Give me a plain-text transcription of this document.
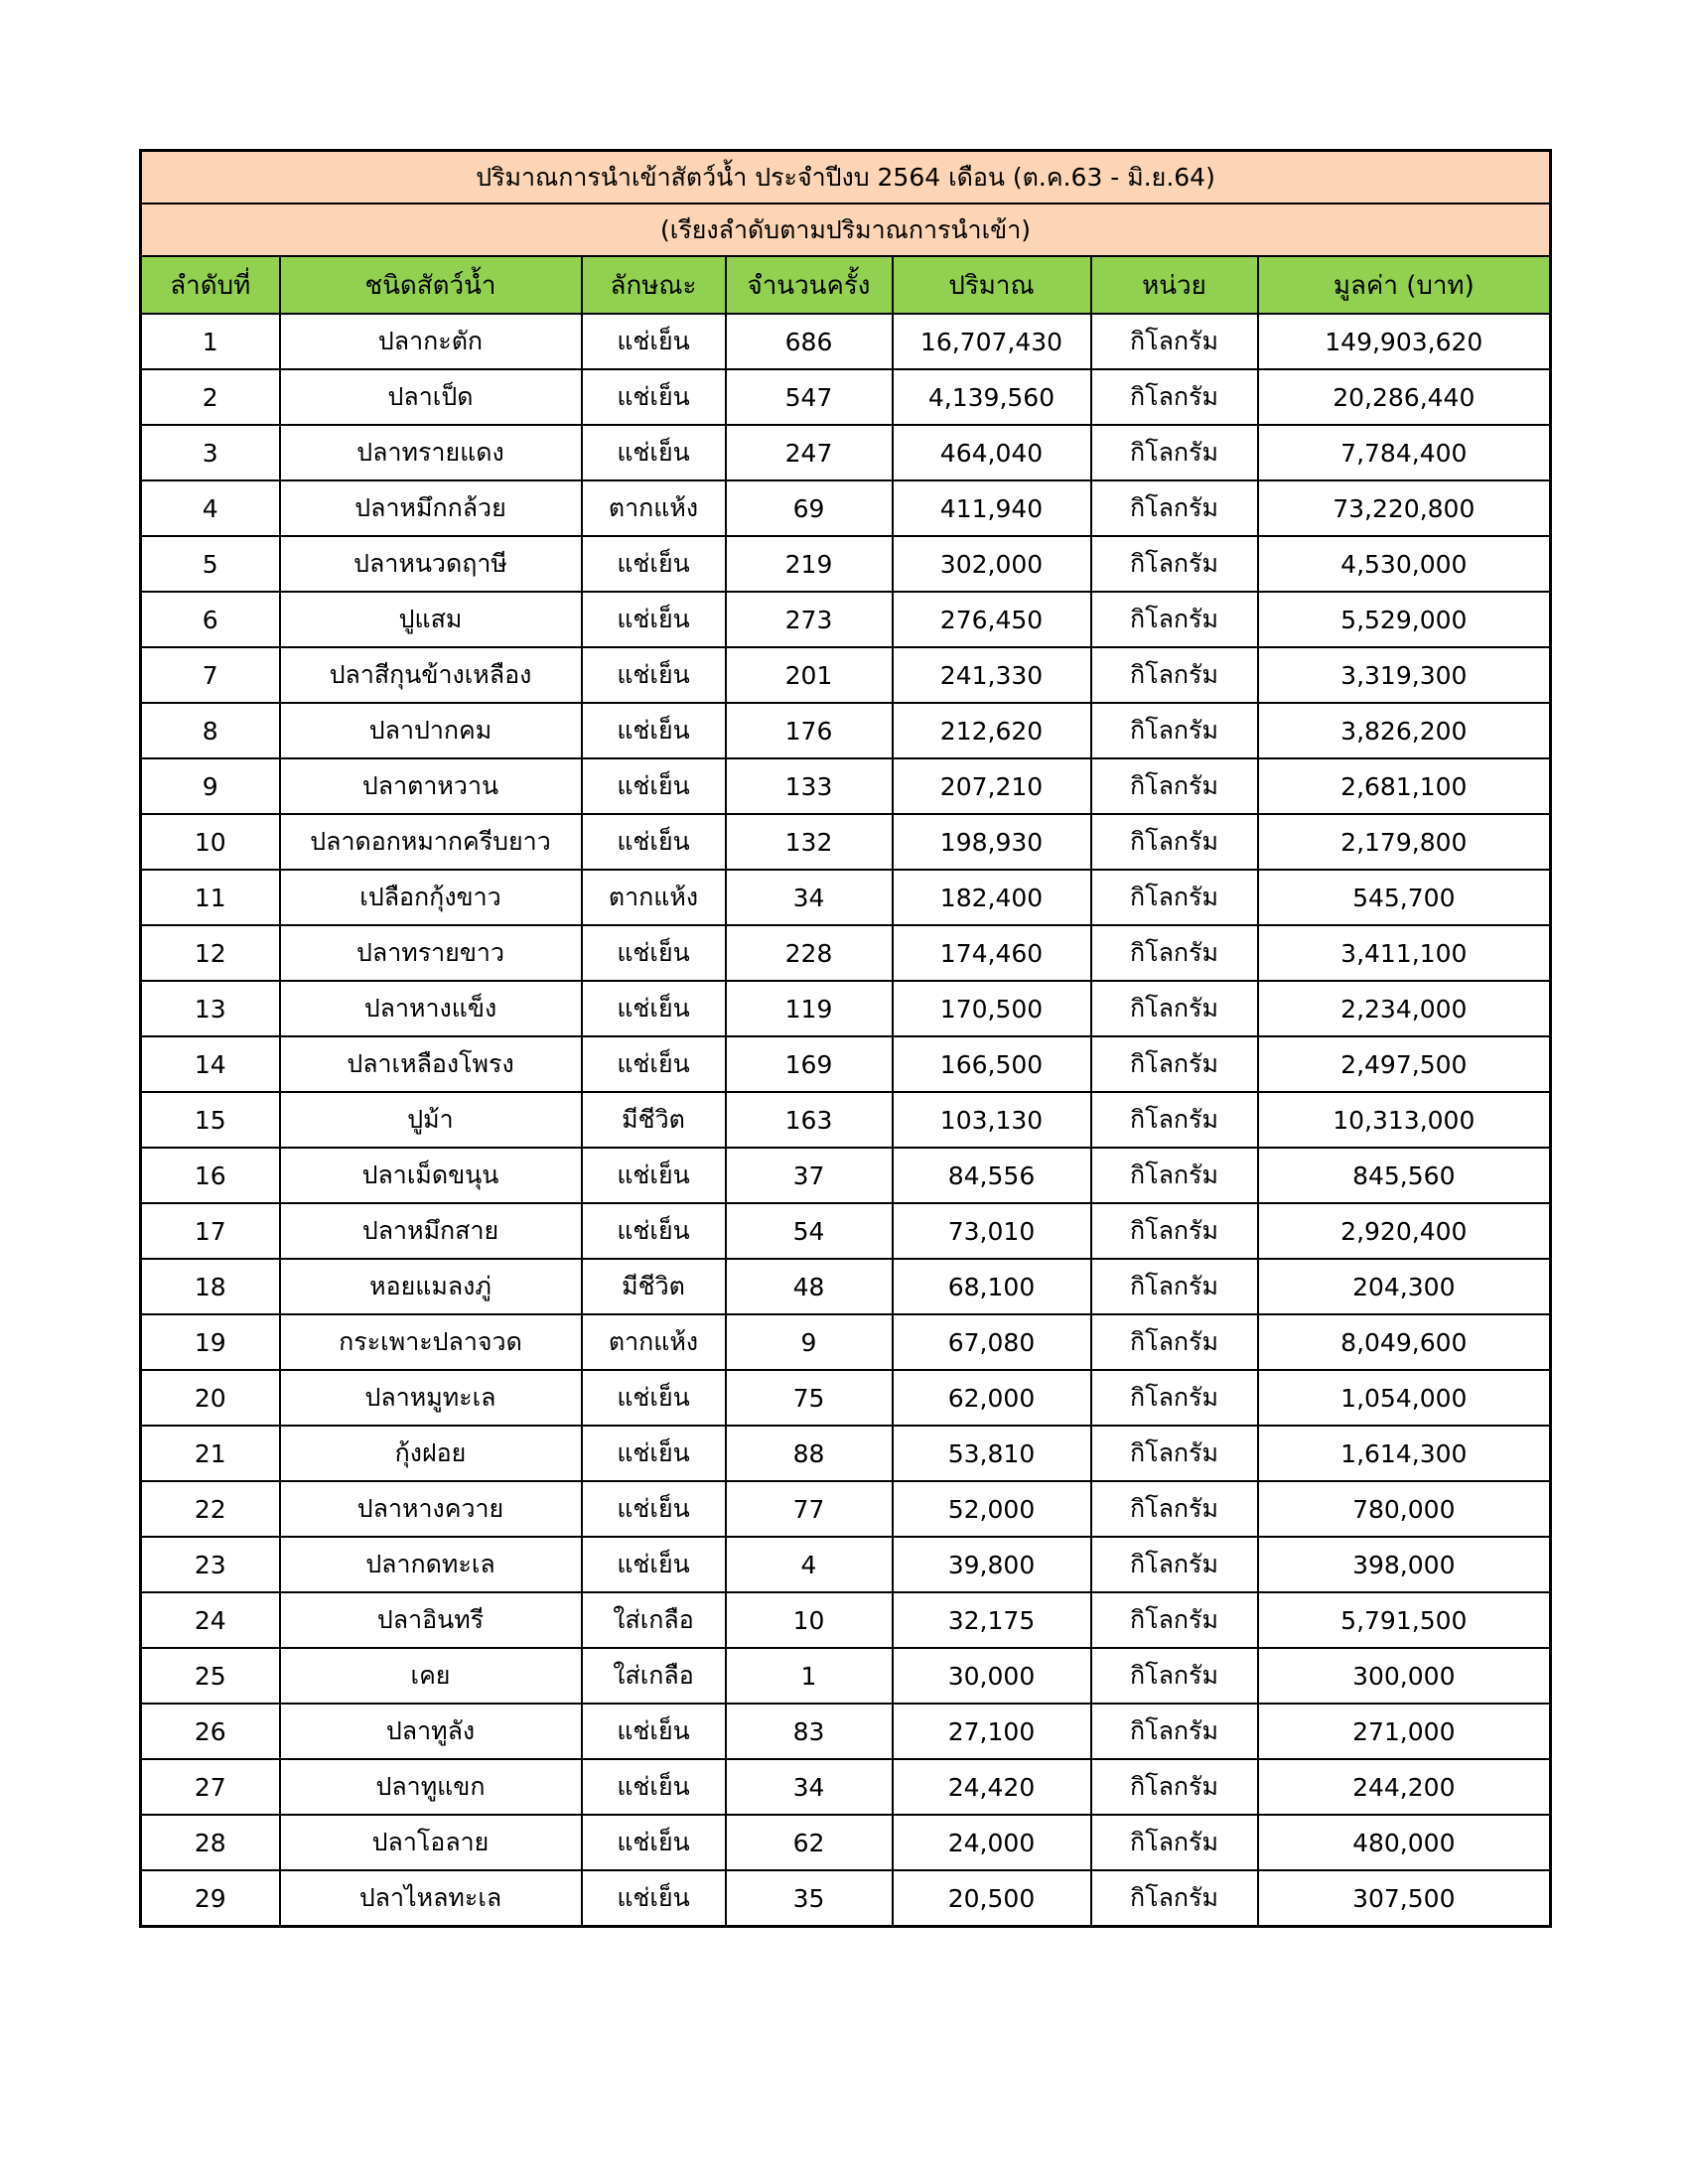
ปริมาณการนำเข้าสัตว์น้ำ ประจำปีงบ 2564 เดือน (ต.ค.63 - มิ.ย.64)						
(เรียงลำดับตามปริมาณการนำเข้า)						
ลำดับที่	ชนิดสัตว์น้ำ	ลักษณะ	จำนวนครั้ง	ปริมาณ	หน่วย	มูลค่า (บาท)
1	ปลากะตัก	แช่เย็น	686	16,707,430	กิโลกรัม	149,903,620
2	ปลาเป็ด	แช่เย็น	547	4,139,560	กิโลกรัม	20,286,440
3	ปลาทรายแดง	แช่เย็น	247	464,040	กิโลกรัม	7,784,400
4	ปลาหมึกกล้วย	ตากแห้ง	69	411,940	กิโลกรัม	73,220,800
5	ปลาหนวดฤาษี	แช่เย็น	219	302,000	กิโลกรัม	4,530,000
6	ปูแสม	แช่เย็น	273	276,450	กิโลกรัม	5,529,000
7	ปลาสีกุนข้างเหลือง	แช่เย็น	201	241,330	กิโลกรัม	3,319,300
8	ปลาปากคม	แช่เย็น	176	212,620	กิโลกรัม	3,826,200
9	ปลาตาหวาน	แช่เย็น	133	207,210	กิโลกรัม	2,681,100
10	ปลาดอกหมากครีบยาว	แช่เย็น	132	198,930	กิโลกรัม	2,179,800
11	เปลือกกุ้งขาว	ตากแห้ง	34	182,400	กิโลกรัม	545,700
12	ปลาทรายขาว	แช่เย็น	228	174,460	กิโลกรัม	3,411,100
13	ปลาหางแข็ง	แช่เย็น	119	170,500	กิโลกรัม	2,234,000
14	ปลาเหลืองโพรง	แช่เย็น	169	166,500	กิโลกรัม	2,497,500
15	ปูม้า	มีชีวิต	163	103,130	กิโลกรัม	10,313,000
16	ปลาเม็ดขนุน	แช่เย็น	37	84,556	กิโลกรัม	845,560
17	ปลาหมึกสาย	แช่เย็น	54	73,010	กิโลกรัม	2,920,400
18	หอยแมลงภู่	มีชีวิต	48	68,100	กิโลกรัม	204,300
19	กระเพาะปลาจวด	ตากแห้ง	9	67,080	กิโลกรัม	8,049,600
20	ปลาหมูทะเล	แช่เย็น	75	62,000	กิโลกรัม	1,054,000
21	กุ้งฝอย	แช่เย็น	88	53,810	กิโลกรัม	1,614,300
22	ปลาหางควาย	แช่เย็น	77	52,000	กิโลกรัม	780,000
23	ปลากดทะเล	แช่เย็น	4	39,800	กิโลกรัม	398,000
24	ปลาอินทรี	ใส่เกลือ	10	32,175	กิโลกรัม	5,791,500
25	เคย	ใส่เกลือ	1	30,000	กิโลกรัม	300,000
26	ปลาทูลัง	แช่เย็น	83	27,100	กิโลกรัม	271,000
27	ปลาทูแขก	แช่เย็น	34	24,420	กิโลกรัม	244,200
28	ปลาโอลาย	แช่เย็น	62	24,000	กิโลกรัม	480,000
29	ปลาไหลทะเล	แช่เย็น	35	20,500	กิโลกรัม	307,500
